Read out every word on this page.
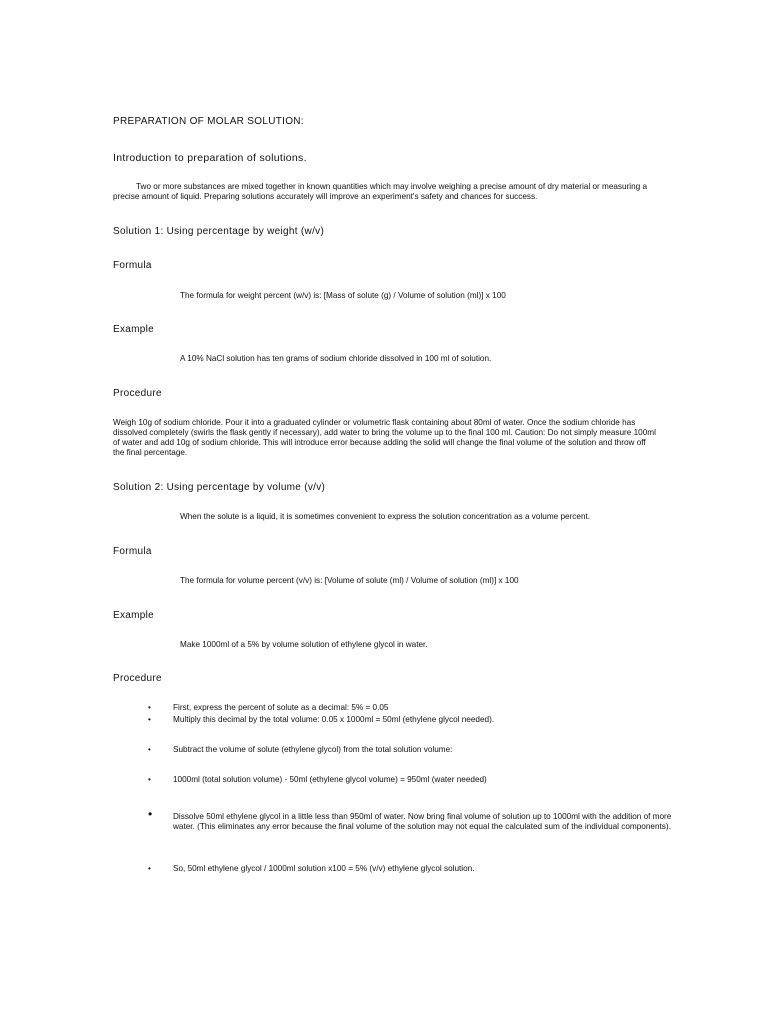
PREPARATION OF MOLAR SOLUTION:
Introduction to preparation of solutions.
Two or more substances are mixed together in known quantities which may involve weighing a precise amount of dry material or measuring a precise amount of liquid. Preparing solutions accurately will improve an experiment's safety and chances for success.
Solution 1: Using percentage by weight (w/v)
Formula
The formula for weight percent (w/v) is: [Mass of solute (g) / Volume of solution (ml)] x 100
Example
A 10% NaCl solution has ten grams of sodium chloride dissolved in 100 ml of solution.
Procedure
Weigh 10g of sodium chloride. Pour it into a graduated cylinder or volumetric flask containing about 80ml of water. Once the sodium chloride has dissolved completely (swirls the flask gently if necessary), add water to bring the volume up to the final 100 ml. Caution: Do not simply measure 100ml of water and add 10g of sodium chloride. This will introduce error because adding the solid will change the final volume of the solution and throw off the final percentage.
Solution 2: Using percentage by volume (v/v)
When the solute is a liquid, it is sometimes convenient to express the solution concentration as a volume percent.
Formula
The formula for volume percent (v/v) is: [Volume of solute (ml) / Volume of solution (ml)] x 100
Example
Make 1000ml of a 5% by volume solution of ethylene glycol in water.
Procedure
•	First, express the percent of solute as a decimal: 5% = 0.05
•	Multiply this decimal by the total volume: 0.05 x 1000ml = 50ml (ethylene glycol needed).
•	Subtract the volume of solute (ethylene glycol) from the total solution volume:
•	1000ml (total solution volume) - 50ml (ethylene glycol volume) = 950ml (water needed)
•	Dissolve 50ml ethylene glycol in a little less than 950ml of water. Now bring final volume of solution up to 1000ml with the addition of more water. (This eliminates any error because the final volume of the solution may not equal the calculated sum of the individual components).
•	So, 50ml ethylene glycol / 1000ml solution x100 = 5% (v/v) ethylene glycol solution.
